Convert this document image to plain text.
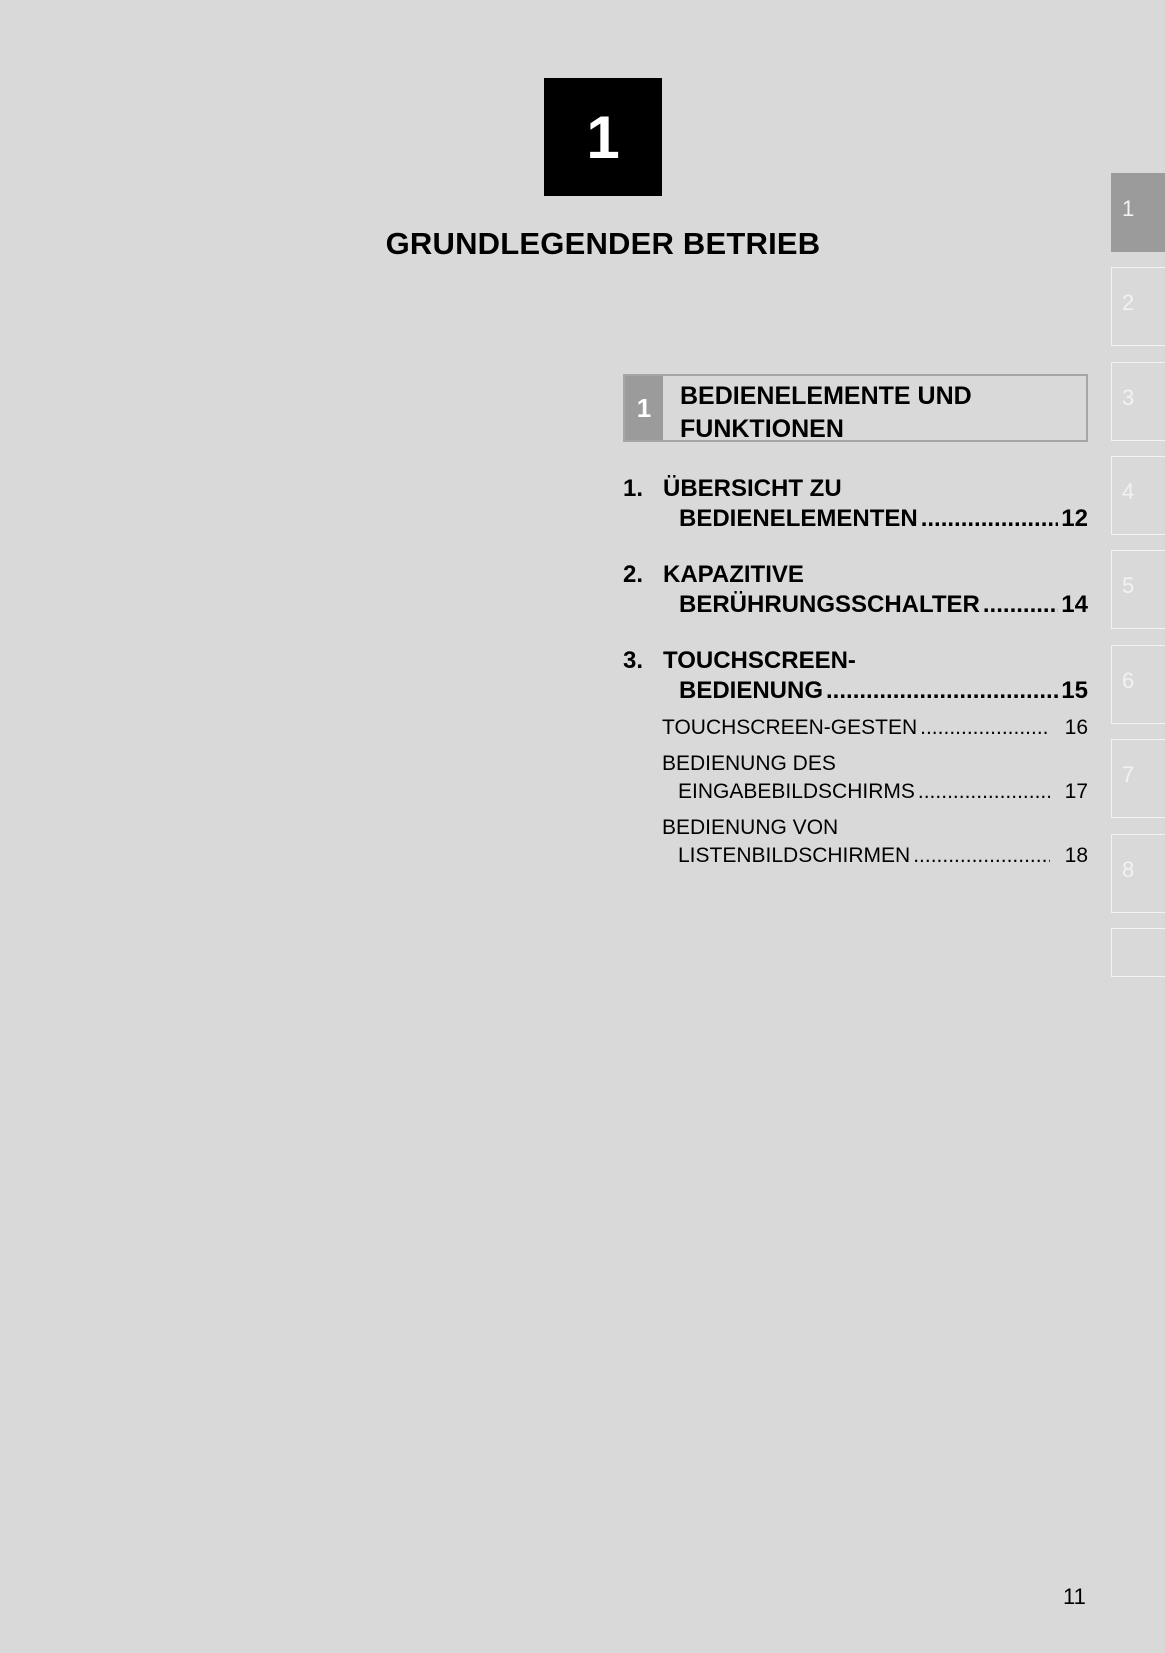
1
GRUNDLEGENDER BETRIEB
1	BEDIENELEMENTE UND
FUNKTIONEN
1. ÜBERSICHT ZU
BEDIENELEMENTEN .....	12
2. KAPAZITIVE
BERÜHRUNGSSCHALTER .....	14
3. TOUCHSCREEN-
BEDIENUNG .....	15
TOUCHSCREEN-GESTEN .....	16
BEDIENUNG DES
EINGABEBILDSCHIRMS .....	17
BEDIENUNG VON
LISTENBILDSCHIRMEN .....	18
1
2
3
4
5
6
7
8
11
